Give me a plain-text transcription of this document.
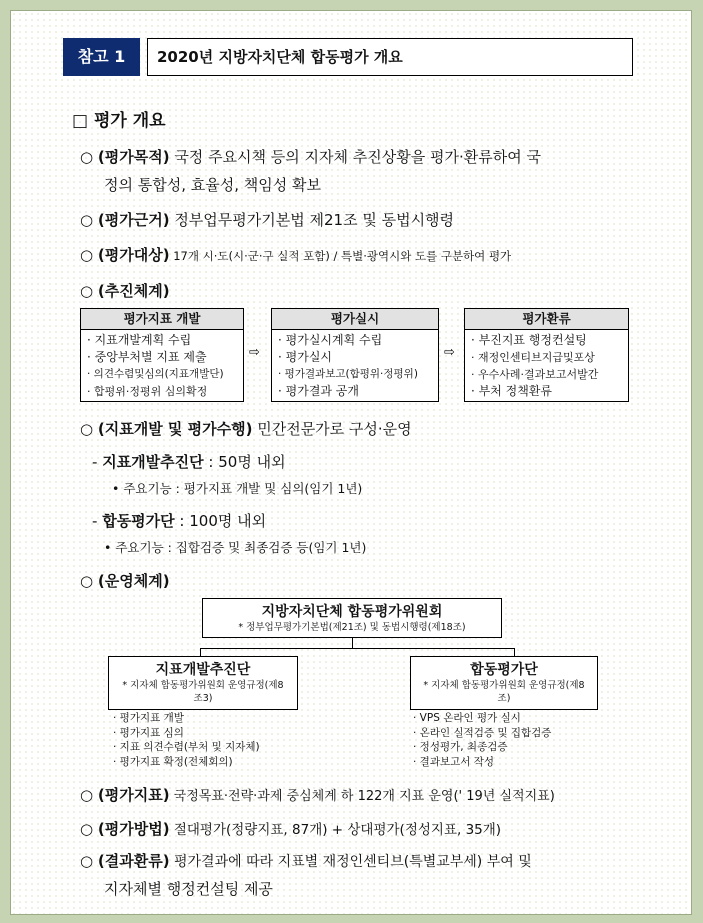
참고 1	2020년 지방자치단체 합동평가 개요
□ 평가 개요
○ (평가목적) 국정 주요시책 등의 지자체 추진상황을 평가·환류하여 국
정의 통합성, 효율성, 책임성 확보
○ (평가근거) 정부업무평가기본법 제21조 및 동법시행령
○ (평가대상) 17개 시·도(시·군·구 실적 포함) / 특별·광역시와 도를 구분하여 평가
○ (추진체계)
평가지표 개발
· 지표개발계획 수립
· 중앙부처별 지표 제출
· 의견수렴및심의(지표개발단)
· 합평위·정평위 심의확정
⇨
평가실시
· 평가실시계획 수립
· 평가실시
· 평가결과보고(합평위·정평위)
· 평가결과 공개
⇨
평가환류
· 부진지표 행정컨설팅
· 재정인센티브지급및포상
· 우수사례·결과보고서발간
· 부처 정책환류
○ (지표개발 및 평가수행) 민간전문가로 구성·운영
- 지표개발추진단 : 50명 내외
• 주요기능 : 평가지표 개발 및 심의(임기 1년)
- 합동평가단 : 100명 내외
• 주요기능 : 집합검증 및 최종검증 등(임기 1년)
○ (운영체계)
지방자치단체 합동평가위원회
* 정부업무평가기본법(제21조) 및 동법시행령(제18조)
지표개발추진단
* 지자체 합동평가위원회 운영규정(제8
조3)
합동평가단
* 지자체 합동평가위원회 운영규정(제8
조)
· 평가지표 개발
· 평가지표 심의
· 지표 의견수렴(부처 및 지자체)
· 평가지표 확정(전체회의)
· VPS 온라인 평가 실시
· 온라인 실적검증 및 집합검증
· 정성평가, 최종검증
· 결과보고서 작성
○ (평가지표) 국정목표·전략·과제 중심체계 하 122개 지표 운영(' 19년 실적지표)
○ (평가방법) 절대평가(정량지표, 87개) + 상대평가(정성지표, 35개)
○ (결과환류) 평가결과에 따라 지표별 재정인센티브(특별교부세) 부여 및
지자체별 행정컨설팅 제공
